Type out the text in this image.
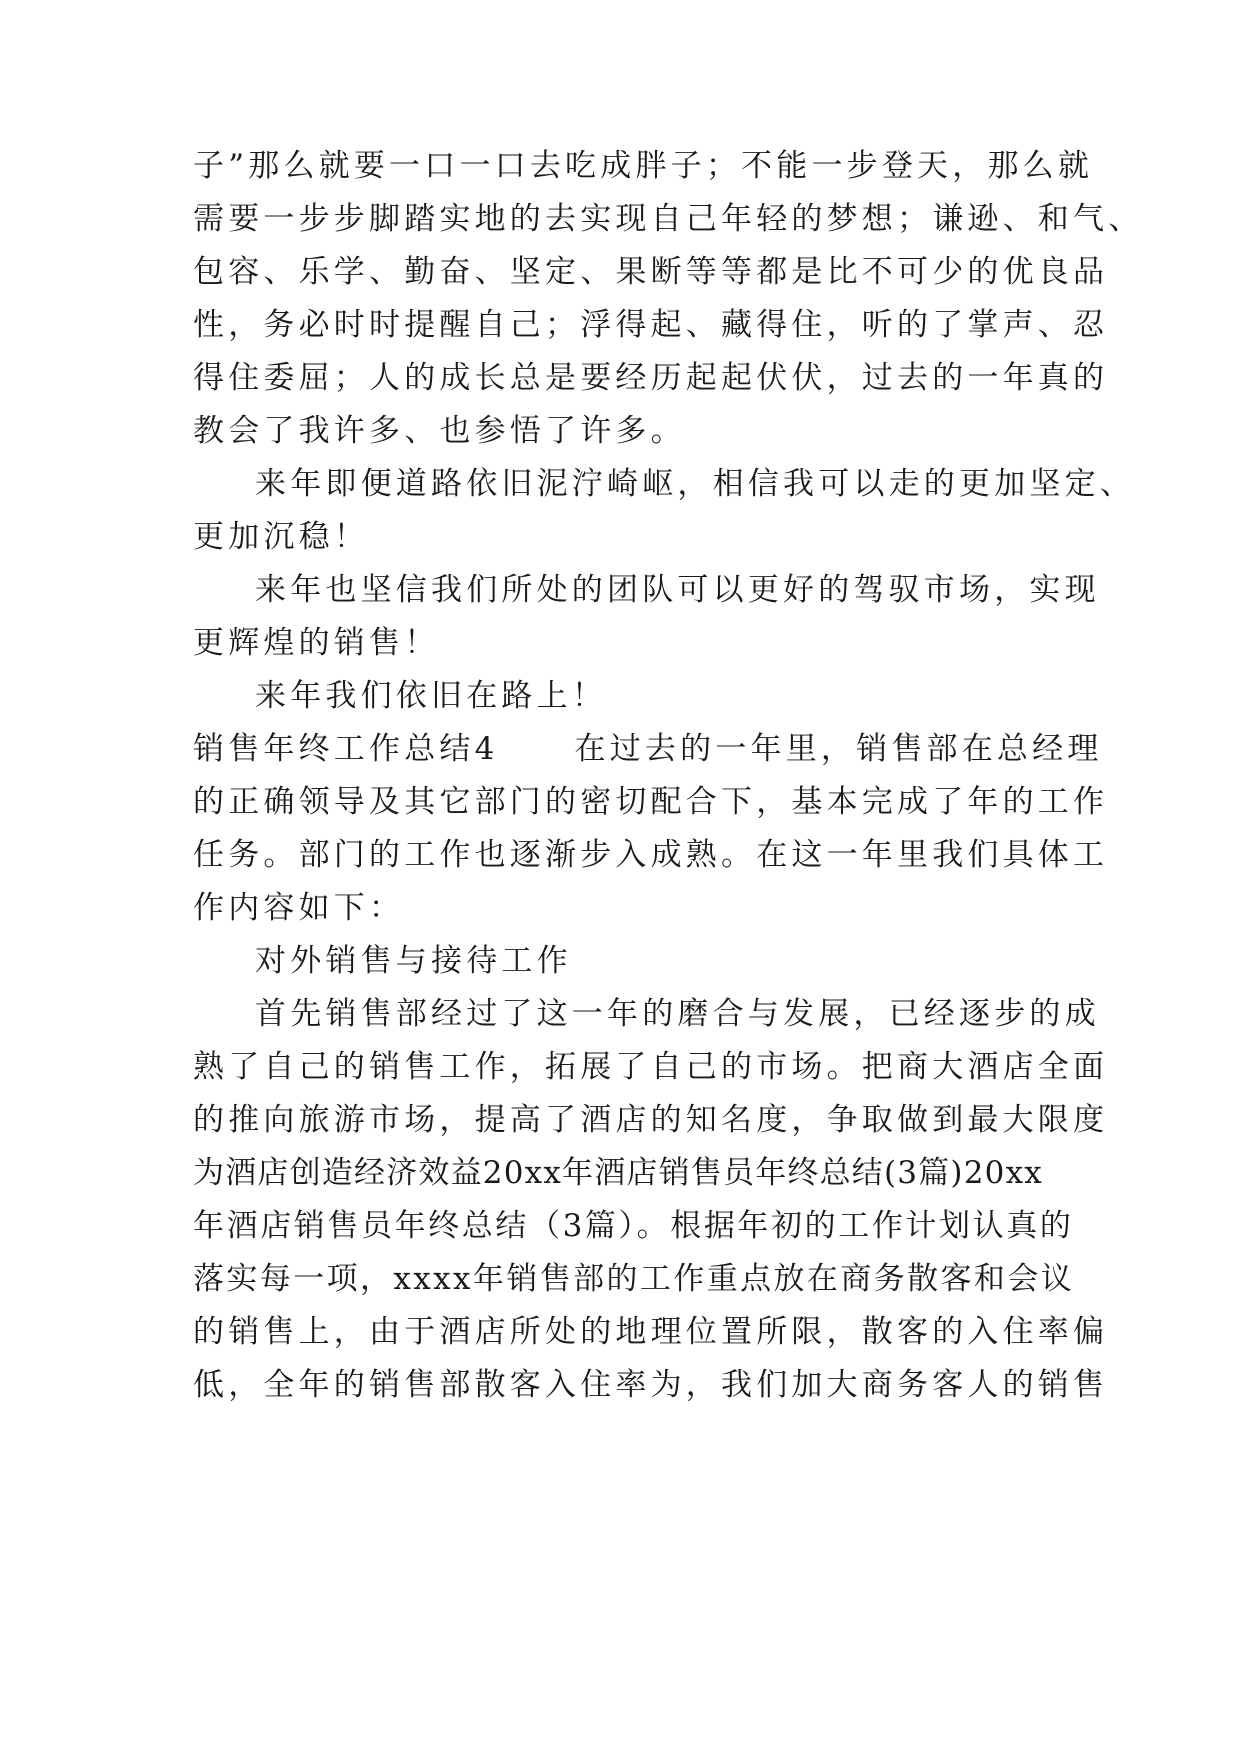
子”那么就要一口一口去吃成胖子；不能一步登天，那么就
需要一步步脚踏实地的去实现自己年轻的梦想；谦逊、和气、
包容、乐学、勤奋、坚定、果断等等都是比不可少的优良品
性，务必时时提醒自己；浮得起、藏得住，听的了掌声、忍
得住委屈；人的成长总是要经历起起伏伏，过去的一年真的
教会了我许多、也参悟了许多。
来年即便道路依旧泥泞崎岖，相信我可以走的更加坚定、
更加沉稳！
来年也坚信我们所处的团队可以更好的驾驭市场，实现
更辉煌的销售！
来年我们依旧在路上！
销售年终工作总结4 在过去的一年里，销售部在总经理
的正确领导及其它部门的密切配合下，基本完成了年的工作
任务。部门的工作也逐渐步入成熟。在这一年里我们具体工
作内容如下：
对外销售与接待工作
首先销售部经过了这一年的磨合与发展，已经逐步的成
熟了自己的销售工作，拓展了自己的市场。把商大酒店全面
的推向旅游市场，提高了酒店的知名度，争取做到最大限度
为酒店创造经济效益20xx年酒店销售员年终总结(3篇)20xx
年酒店销售员年终总结（3篇）。根据年初的工作计划认真的
落实每一项，xxxx年销售部的工作重点放在商务散客和会议
的销售上，由于酒店所处的地理位置所限，散客的入住率偏
低，全年的销售部散客入住率为，我们加大商务客人的销售
